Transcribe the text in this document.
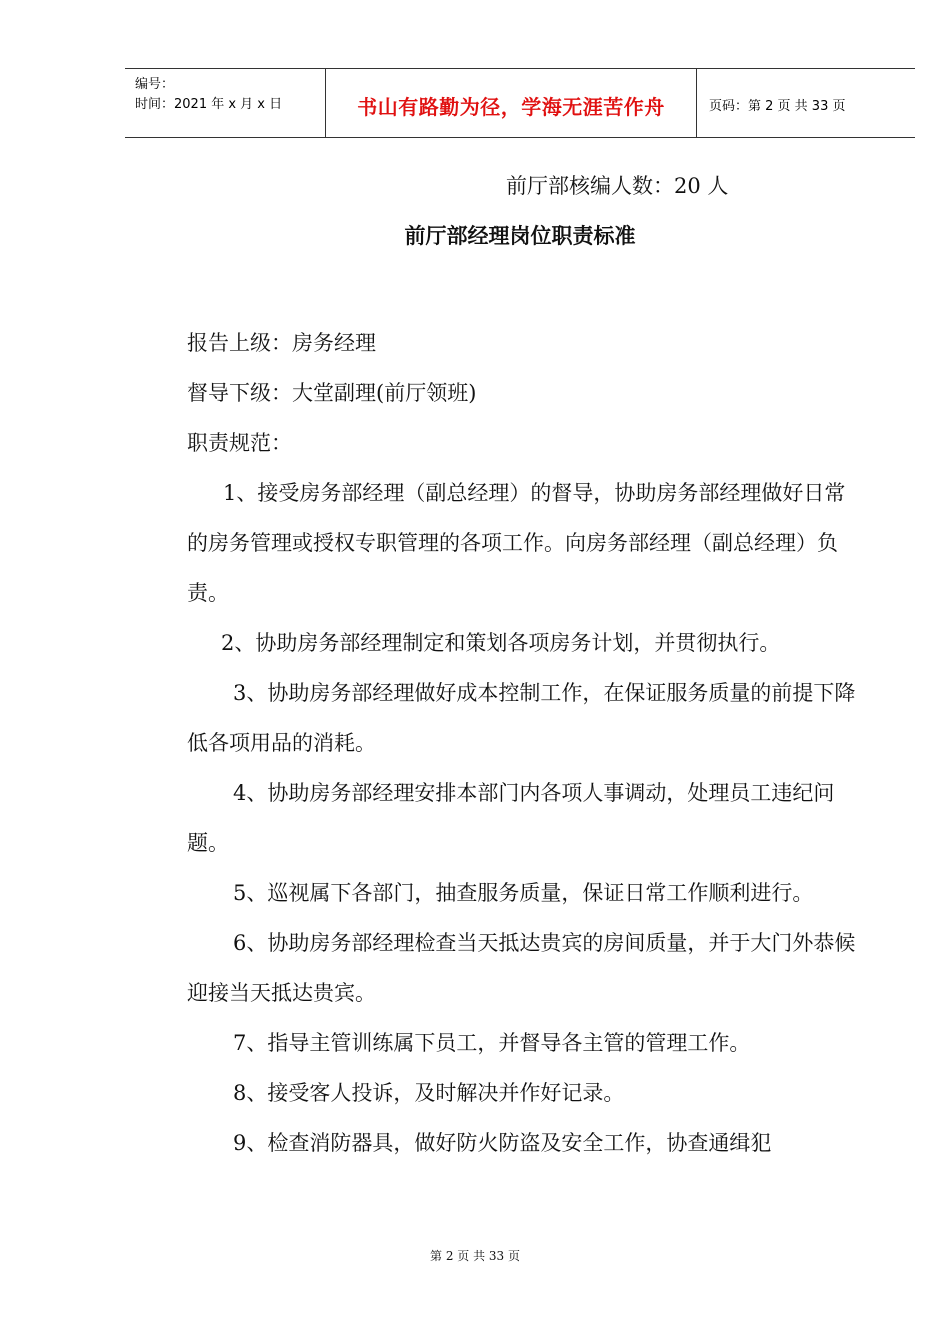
编号：
时间：2021 年 x 月 x 日	书山有路勤为径，学海无涯苦作舟	页码：第 2 页 共 33 页
前厅部核编人数：20 人
前厅部经理岗位职责标准

报告上级：房务经理

督导下级：大堂副理(前厅领班)

职责规范：

1、接受房务部经理（副总经理）的督导，协助房务部经理做好日常的房务管理或授权专职管理的各项工作。向房务部经理（副总经理）负责。

2、协助房务部经理制定和策划各项房务计划，并贯彻执行。

3、协助房务部经理做好成本控制工作，在保证服务质量的前提下降低各项用品的消耗。

4、协助房务部经理安排本部门内各项人事调动，处理员工违纪问题。

5、巡视属下各部门，抽查服务质量，保证日常工作顺利进行。

6、协助房务部经理检查当天抵达贵宾的房间质量，并于大门外恭候迎接当天抵达贵宾。

7、指导主管训练属下员工，并督导各主管的管理工作。

8、接受客人投诉，及时解决并作好记录。

9、检查消防器具，做好防火防盗及安全工作，协查通缉犯

第 2 页 共 33 页
